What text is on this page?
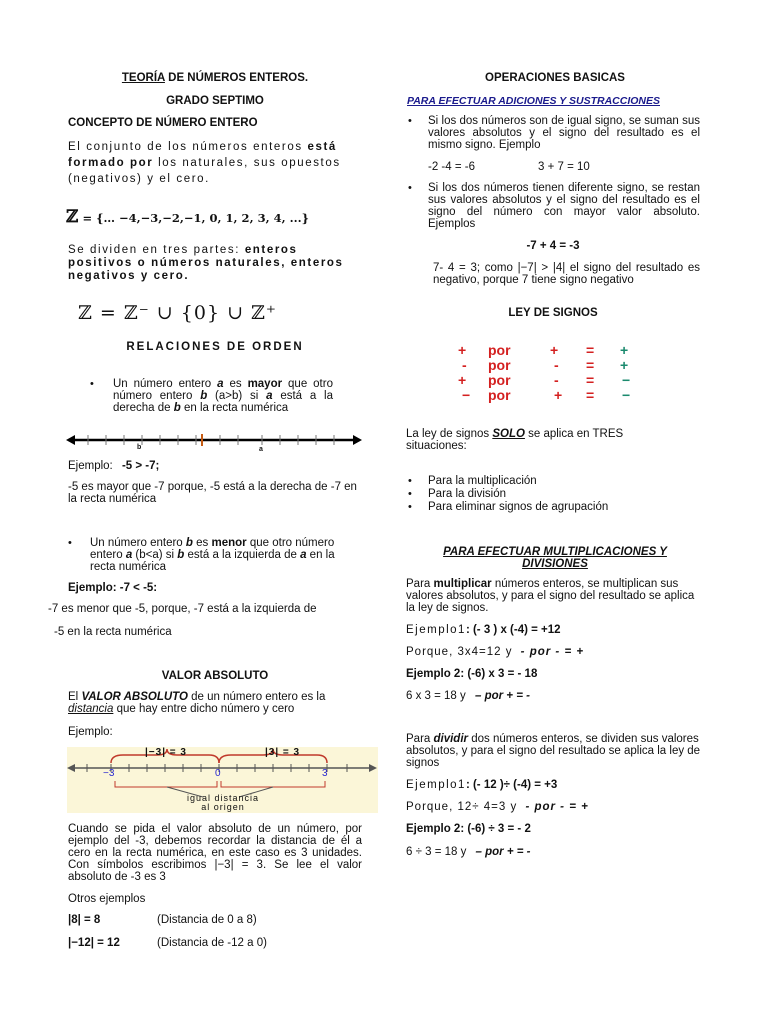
TEORÍA DE NÚMEROS ENTEROS.
GRADO SEPTIMO
CONCEPTO DE NÚMERO ENTERO
El conjunto de los números enteros está formado por los naturales, sus opuestos (negativos) y el cero.
ℤ = {… −4,−3,−2,−1, 0, 1, 2, 3, 4, ...}
Se dividen en tres partes: enteros positivos o números naturales, enteros negativos y cero.
ℤ = ℤ⁻ ∪ {0} ∪ ℤ⁺
RELACIONES DE ORDEN
• Un número entero a es mayor que otro número entero b (a>b) si a está a la derecha de b en la recta numérica
b	a
Ejemplo: -5 > -7;
-5 es mayor que -7 porque, -5 está a la derecha de -7 en la recta numérica
• Un número entero b es menor que otro número entero a (b<a) si b está a la izquierda de a en la recta numérica
Ejemplo: -7 < -5:
-7 es menor que -5, porque, -7 está a la izquierda de
-5 en la recta numérica
VALOR ABSOLUTO
El VALOR ABSOLUTO de un número entero es la distancia que hay entre dicho número y cero
Ejemplo:
|−3| = 3	|3| = 3
−3	0	3
igual distancia
al origen
Cuando se pida el valor absoluto de un número, por ejemplo del -3, debemos recordar la distancia de él a cero en la recta numérica, en este caso es 3 unidades. Con símbolos escribimos |−3| = 3. Se lee el valor absoluto de -3 es 3
Otros ejemplos
|8| = 8	(Distancia de 0 a 8)
|−12| = 12	(Distancia de -12 a 0)
OPERACIONES BASICAS
PARA EFECTUAR ADICIONES Y SUSTRACCIONES
• Si los dos números son de igual signo, se suman sus valores absolutos y el signo del resultado es el mismo signo. Ejemplo
-2 -4 = -6	3 + 7 = 10
• Si los dos números tienen diferente signo, se restan sus valores absolutos y el signo del resultado es el signo del número con mayor valor absoluto. Ejemplos
-7 + 4 = -3
7- 4 = 3; como |−7| > |4| el signo del resultado es negativo, porque 7 tiene signo negativo
LEY DE SIGNOS
+ por	+ = +
- por	- = +
+ por	- = −
− por	+ = −
La ley de signos SOLO se aplica en TRES situaciones:
• Para la multiplicación
• Para la división
• Para eliminar signos de agrupación
PARA EFECTUAR MULTIPLICACIONES Y DIVISIONES
Para multiplicar números enteros, se multiplican sus valores absolutos, y para el signo del resultado se aplica la ley de signos.
Ejemplo1: (- 3 ) x (-4) = +12
Porque, 3x4=12 y - por - = +
Ejemplo 2: (-6) x 3 = - 18
6 x 3 = 18 y – por + = -
Para dividir dos números enteros, se dividen sus valores absolutos, y para el signo del resultado se aplica la ley de signos
Ejemplo1: (- 12 )÷ (-4) = +3
Porque, 12÷ 4=3 y - por - = +
Ejemplo 2: (-6) ÷ 3 = - 2
6 ÷ 3 = 18 y – por + = -
